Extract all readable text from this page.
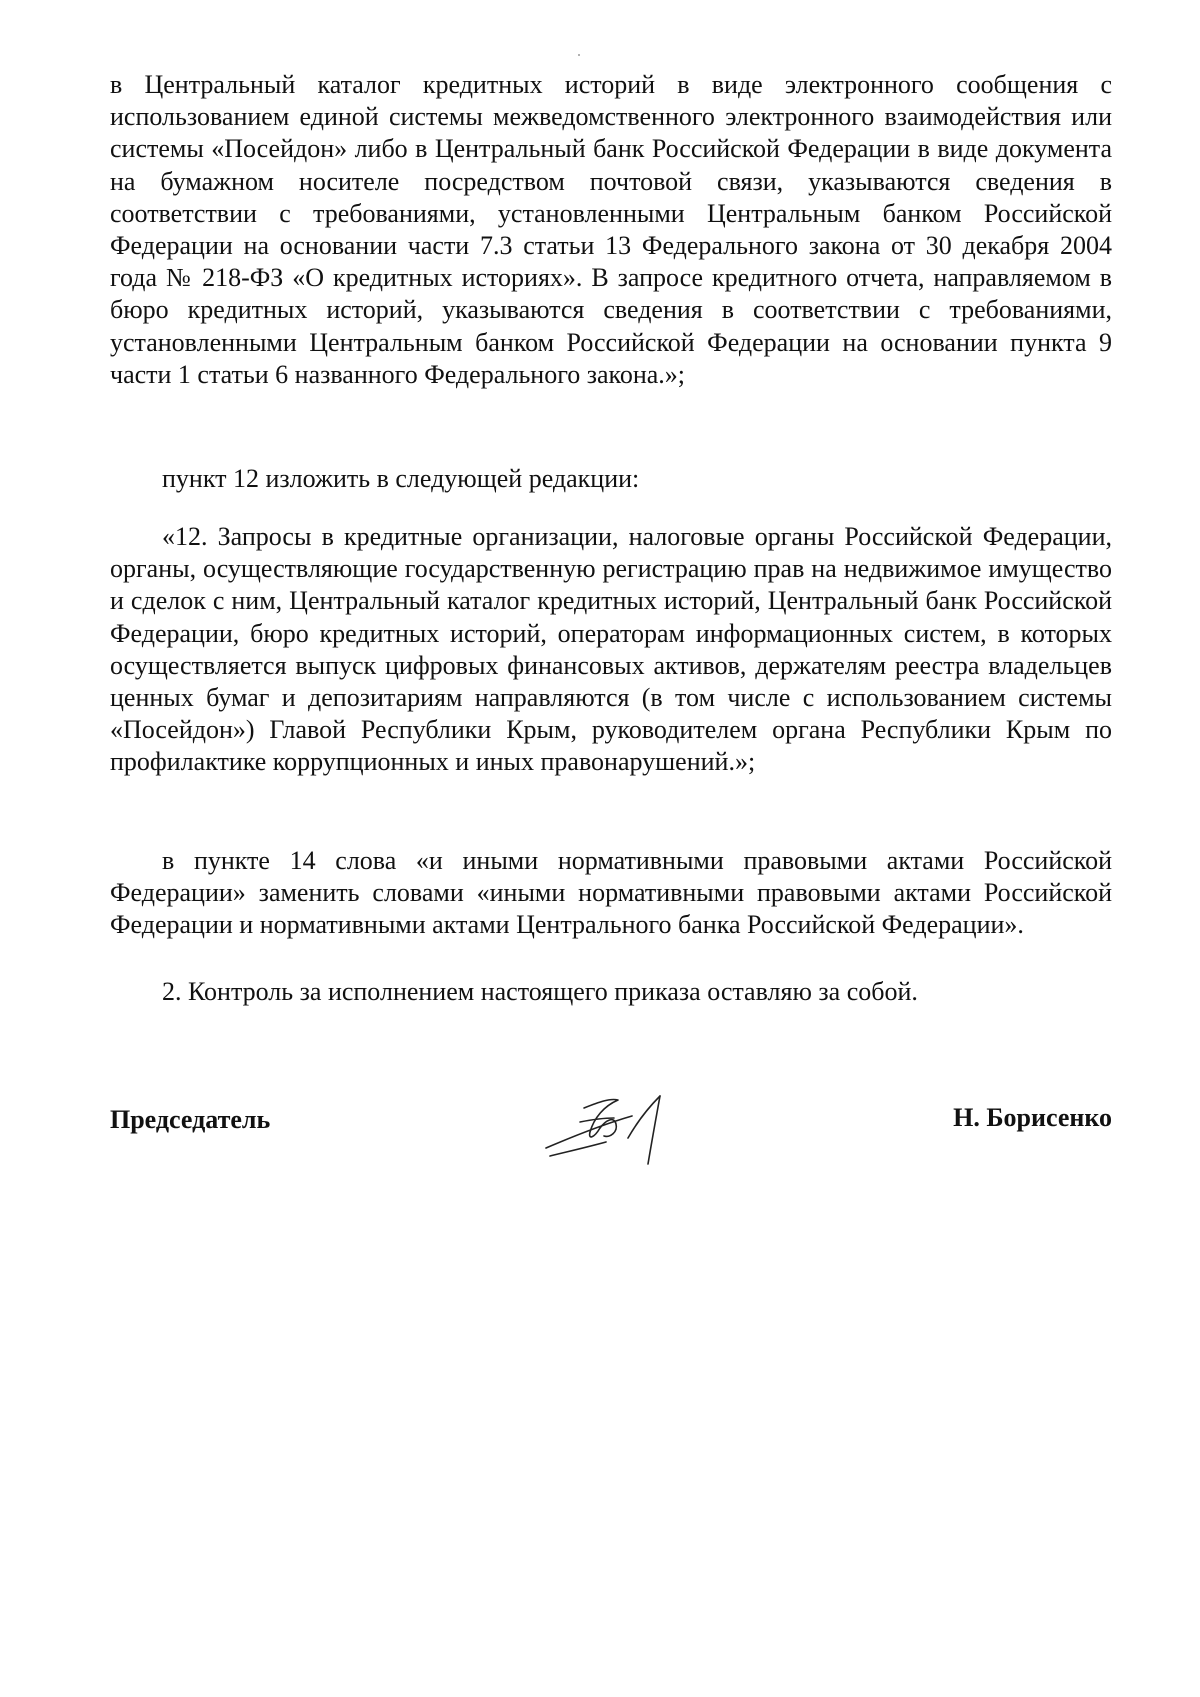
в Центральный каталог кредитных историй в виде электронного сообщения с использованием единой системы межведомственного электронного взаимодействия или системы «Посейдон» либо в Центральный банк Российской Федерации в виде документа на бумажном носителе посредством почтовой связи, указываются сведения в соответствии с требованиями, установленными Центральным банком Российской Федерации на основании части 7.3 статьи 13 Федерального закона от 30 декабря 2004 года № 218-ФЗ «О кредитных историях». В запросе кредитного отчета, направляемом в бюро кредитных историй, указываются сведения в соответствии с требованиями, установленными Центральным банком Российской Федерации на основании пункта 9 части 1 статьи 6 названного Федерального закона.»;

пункт 12 изложить в следующей редакции:

«12. Запросы в кредитные организации, налоговые органы Российской Федерации, органы, осуществляющие государственную регистрацию прав на недвижимое имущество и сделок с ним, Центральный каталог кредитных историй, Центральный банк Российской Федерации, бюро кредитных историй, операторам информационных систем, в которых осуществляется выпуск цифровых финансовых активов, держателям реестра владельцев ценных бумаг и депозитариям направляются (в том числе с использованием системы «Посейдон») Главой Республики Крым, руководителем органа Республики Крым по профилактике коррупционных и иных правонарушений.»;

в пункте 14 слова «и иными нормативными правовыми актами Российской Федерации» заменить словами «иными нормативными правовыми актами Российской Федерации и нормативными актами Центрального банка Российской Федерации».

2. Контроль за исполнением настоящего приказа оставляю за собой.

Председатель	Н. Борисенко
